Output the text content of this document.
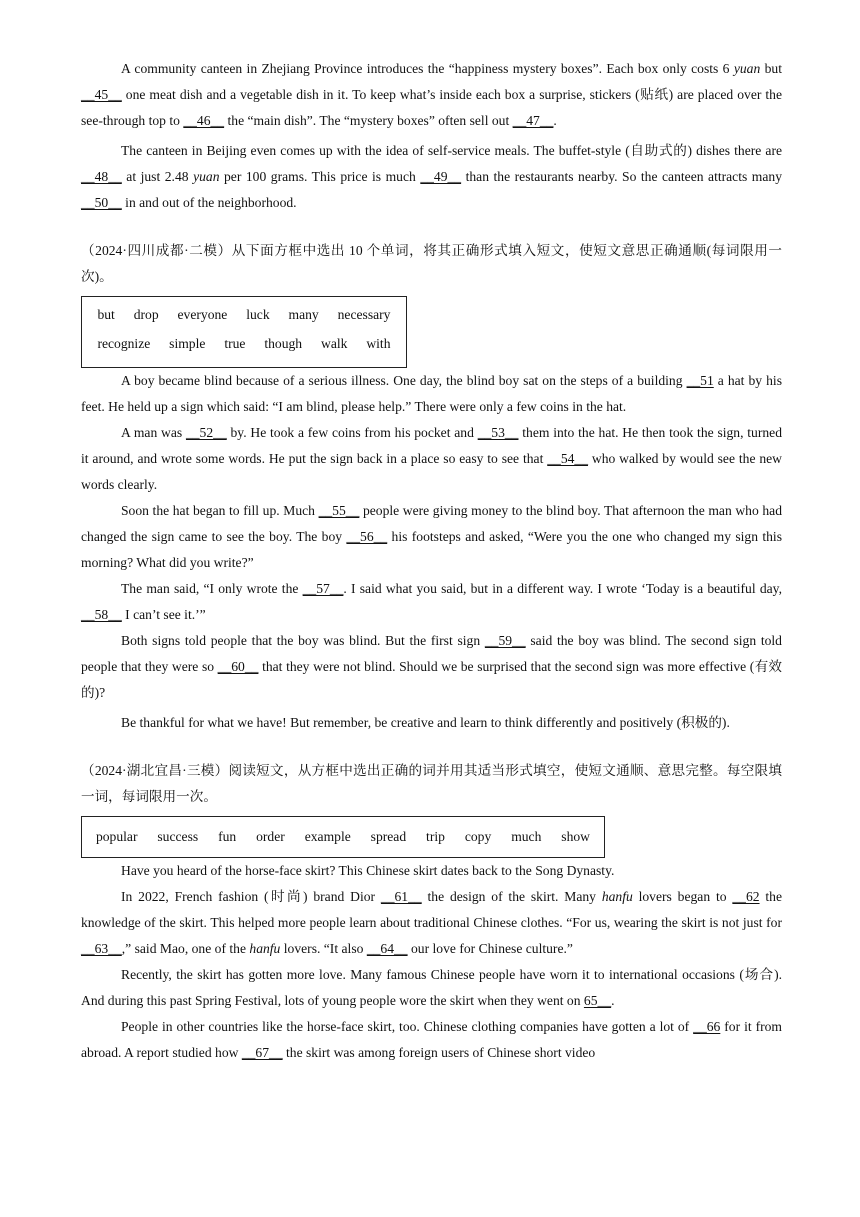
A community canteen in Zhejiang Province introduces the “happiness mystery boxes”. Each box only costs 6 yuan but __45__ one meat dish and a vegetable dish in it. To keep what’s inside each box a surprise, stickers (贴纸) are placed over the see-through top to __46__ the “main dish”. The “mystery boxes” often sell out __47__.

The canteen in Beijing even comes up with the idea of self-service meals. The buffet-style (自助式的) dishes there are __48__ at just 2.48 yuan per 100 grams. This price is much __49__ than the restaurants nearby. So the canteen attracts many __50__ in and out of the neighborhood.

（2024·四川成都·二模）从下面方框中选出 10 个单词，将其正确形式填入短文，使短文意思正确通顺(每词限用一次)。

but drop everyone luck many necessary
recognize simple true though walk with

A boy became blind because of a serious illness. One day, the blind boy sat on the steps of a building __51 a hat by his feet. He held up a sign which said: “I am blind, please help.” There were only a few coins in the hat.

A man was __52__ by. He took a few coins from his pocket and __53__ them into the hat. He then took the sign, turned it around, and wrote some words. He put the sign back in a place so easy to see that __54__ who walked by would see the new words clearly.

Soon the hat began to fill up. Much __55__ people were giving money to the blind boy. That afternoon the man who had changed the sign came to see the boy. The boy __56__ his footsteps and asked, “Were you the one who changed my sign this morning? What did you write?”

The man said, “I only wrote the __57__. I said what you said, but in a different way. I wrote ‘Today is a beautiful day, __58__ I can’t see it.’”

Both signs told people that the boy was blind. But the first sign __59__ said the boy was blind. The second sign told people that they were so __60__ that they were not blind. Should we be surprised that the second sign was more effective (有效的)?

Be thankful for what we have! But remember, be creative and learn to think differently and positively (积极的).

（2024·湖北宜昌·三模）阅读短文，从方框中选出正确的词并用其适当形式填空，使短文通顺、意思完整。每空限填一词，每词限用一次。

popular success fun order example spread trip copy much show

Have you heard of the horse-face skirt? This Chinese skirt dates back to the Song Dynasty.

In 2022, French fashion (时尚) brand Dior __61__ the design of the skirt. Many hanfu lovers began to __62 the knowledge of the skirt. This helped more people learn about traditional Chinese clothes. “For us, wearing the skirt is not just for __63__,” said Mao, one of the hanfu lovers. “It also __64__ our love for Chinese culture.”

Recently, the skirt has gotten more love. Many famous Chinese people have worn it to international occasions (场合). And during this past Spring Festival, lots of young people wore the skirt when they went on 65__.

People in other countries like the horse-face skirt, too. Chinese clothing companies have gotten a lot of __66 for it from abroad. A report studied how __67__ the skirt was among foreign users of Chinese short video
